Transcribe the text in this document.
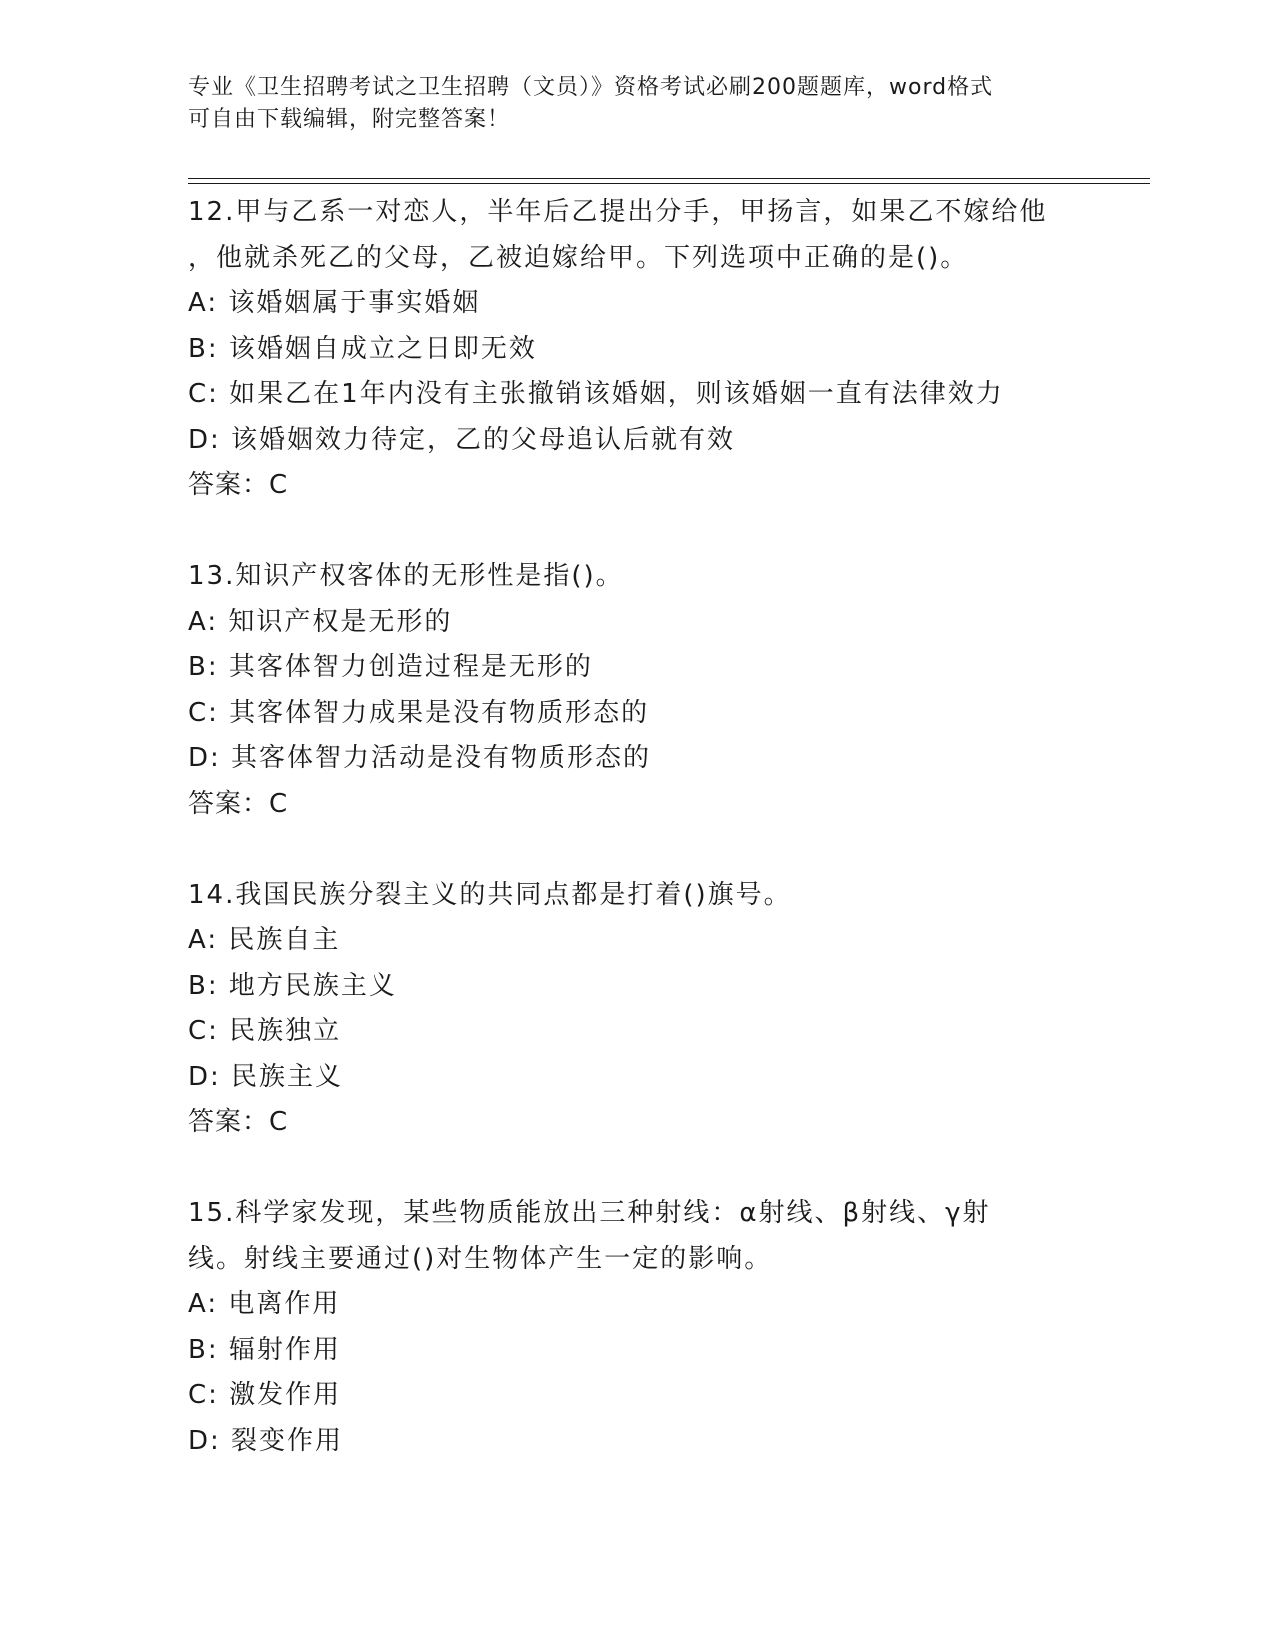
专业《卫生招聘考试之卫生招聘（文员）》资格考试必刷200题题库，word格式
可自由下载编辑，附完整答案！
12.甲与乙系一对恋人，半年后乙提出分手，甲扬言，如果乙不嫁给他
，他就杀死乙的父母，乙被迫嫁给甲。下列选项中正确的是()。
A: 该婚姻属于事实婚姻
B: 该婚姻自成立之日即无效
C: 如果乙在1年内没有主张撤销该婚姻，则该婚姻一直有法律效力
D: 该婚姻效力待定，乙的父母追认后就有效
答案：C
13.知识产权客体的无形性是指()。
A: 知识产权是无形的
B: 其客体智力创造过程是无形的
C: 其客体智力成果是没有物质形态的
D: 其客体智力活动是没有物质形态的
答案：C
14.我国民族分裂主义的共同点都是打着()旗号。
A: 民族自主
B: 地方民族主义
C: 民族独立
D: 民族主义
答案：C
15.科学家发现，某些物质能放出三种射线：α射线、β射线、γ射
线。射线主要通过()对生物体产生一定的影响。
A: 电离作用
B: 辐射作用
C: 激发作用
D: 裂变作用
